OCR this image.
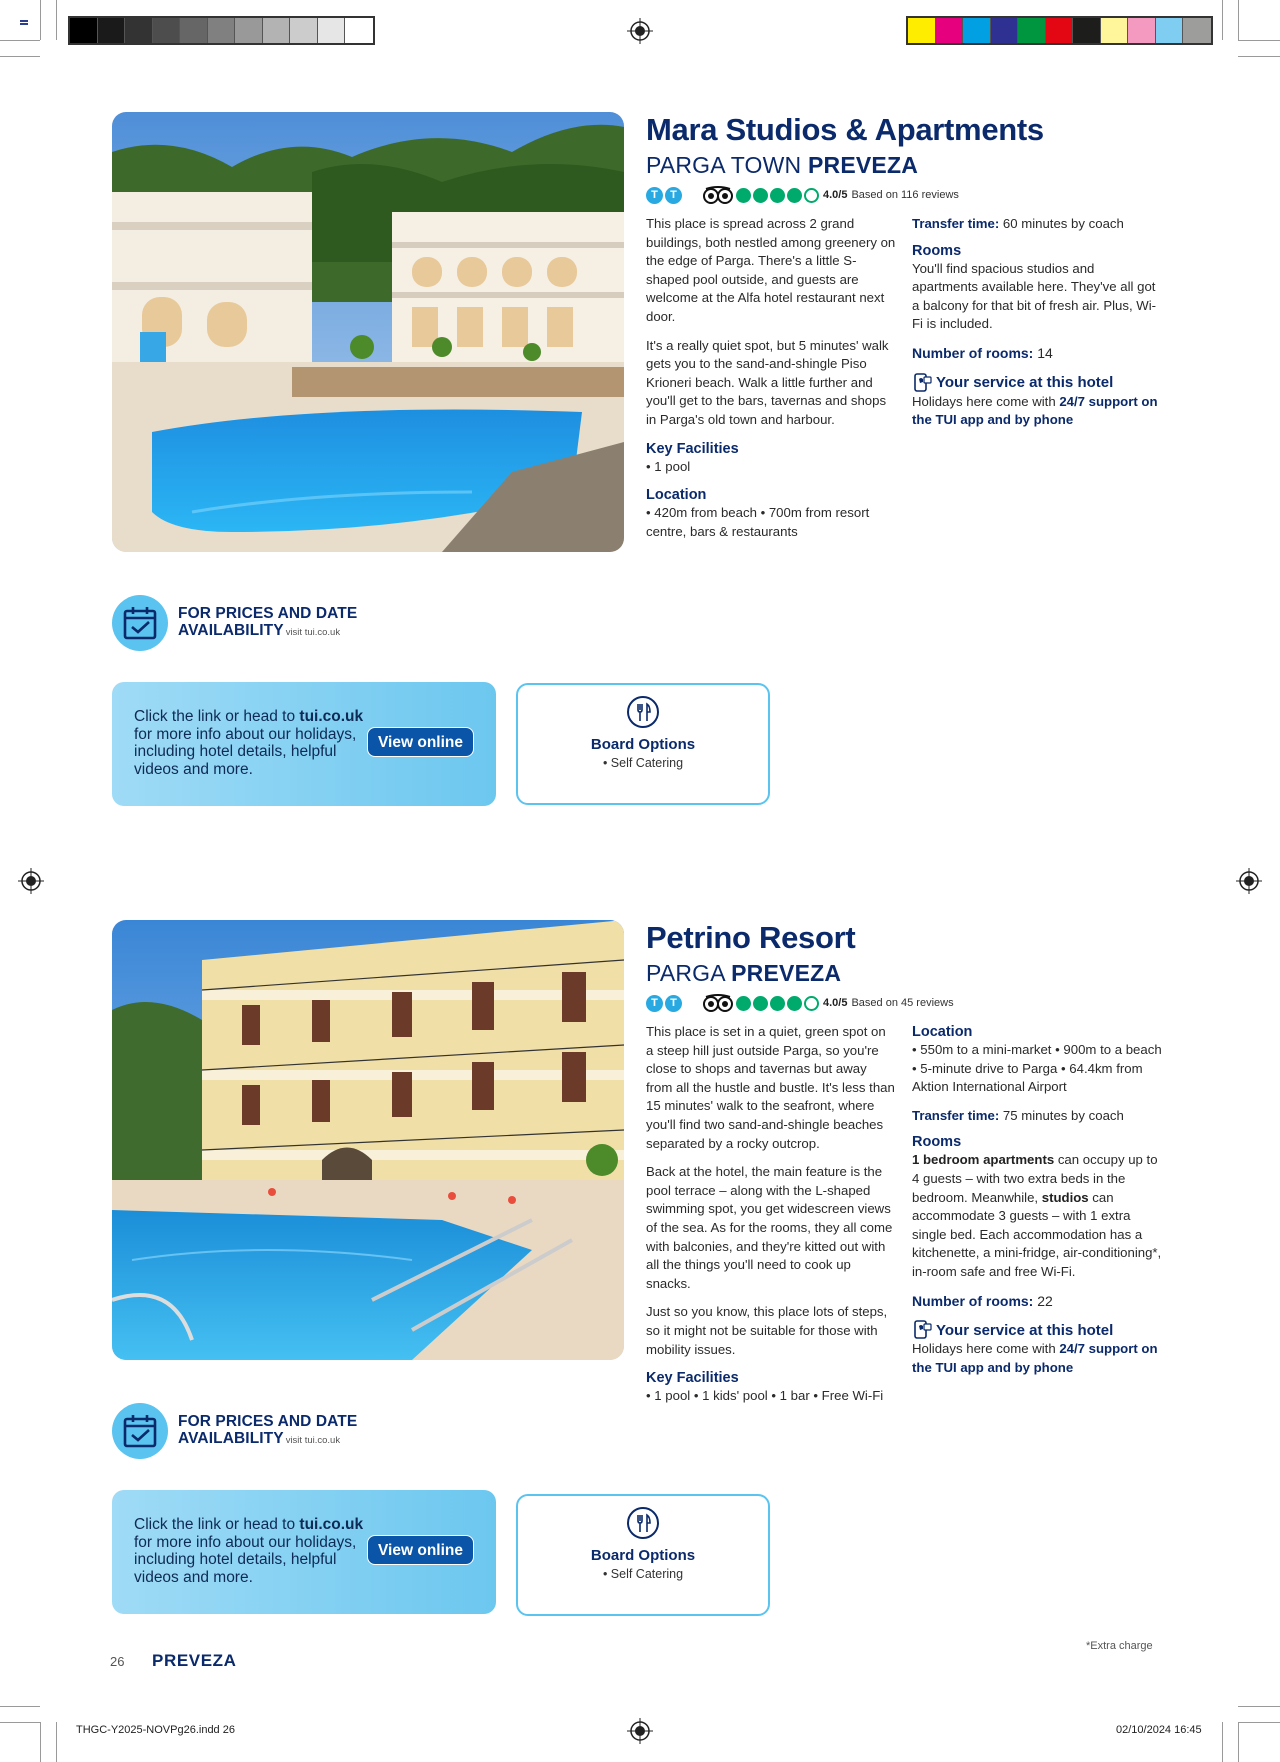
THGC-Y2025-NOVPg26.indd 26	02/10/2024 16:45
Mara Studios & Apartments
PARGA TOWN PREVEZA
T	T	4.0/5 Based on 116 reviews

This place is spread across 2 grand buildings, both nestled among greenery on the edge of Parga. There's a little S-shaped pool outside, and guests are welcome at the Alfa hotel restaurant next door.

It's a really quiet spot, but 5 minutes' walk gets you to the sand-and-shingle Piso Krioneri beach. Walk a little further and you'll get to the bars, tavernas and shops in Parga's old town and harbour.

Key Facilities

• 1 pool

Location

• 420m from beach • 700m from resort centre, bars & restaurants

Transfer time: 60 minutes by coach

Rooms

You'll find spacious studios and apartments available here. They've all got a balcony for that bit of fresh air. Plus, Wi-Fi is included.

Number of rooms: 14

Your service at this hotel

Holidays here come with 24/7 support on the TUI app and by phone

FOR PRICES AND DATE
AVAILABILITY visit tui.co.uk
Click the link or head to tui.co.uk for more info about our holidays, including hotel details, helpful videos and more.
View online	Board Options
• Self Catering
Petrino Resort
PARGA PREVEZA
T	T	4.0/5 Based on 45 reviews

This place is set in a quiet, green spot on a steep hill just outside Parga, so you're close to shops and tavernas but away from all the hustle and bustle. It's less than 15 minutes' walk to the seafront, where you'll find two sand-and-shingle beaches separated by a rocky outcrop.

Back at the hotel, the main feature is the pool terrace – along with the L-shaped swimming spot, you get widescreen views of the sea. As for the rooms, they all come with balconies, and they're kitted out with all the things you'll need to cook up snacks.

Just so you know, this place lots of steps, so it might not be suitable for those with mobility issues.

Key Facilities

• 1 pool • 1 kids' pool • 1 bar • Free Wi-Fi

Location

• 550m to a mini-market • 900m to a beach • 5-minute drive to Parga • 64.4km from Aktion International Airport

Transfer time: 75 minutes by coach

Rooms

1 bedroom apartments can occupy up to 4 guests – with two extra beds in the bedroom. Meanwhile, studios can accommodate 3 guests – with 1 extra single bed. Each accommodation has a kitchenette, a mini-fridge, air-conditioning*, in-room safe and free Wi-Fi.

Number of rooms: 22

Your service at this hotel

Holidays here come with 24/7 support on the TUI app and by phone

FOR PRICES AND DATE
AVAILABILITY visit tui.co.uk
Click the link or head to tui.co.uk for more info about our holidays, including hotel details, helpful videos and more.
View online	Board Options
• Self Catering
26 PREVEZA
*Extra charge
